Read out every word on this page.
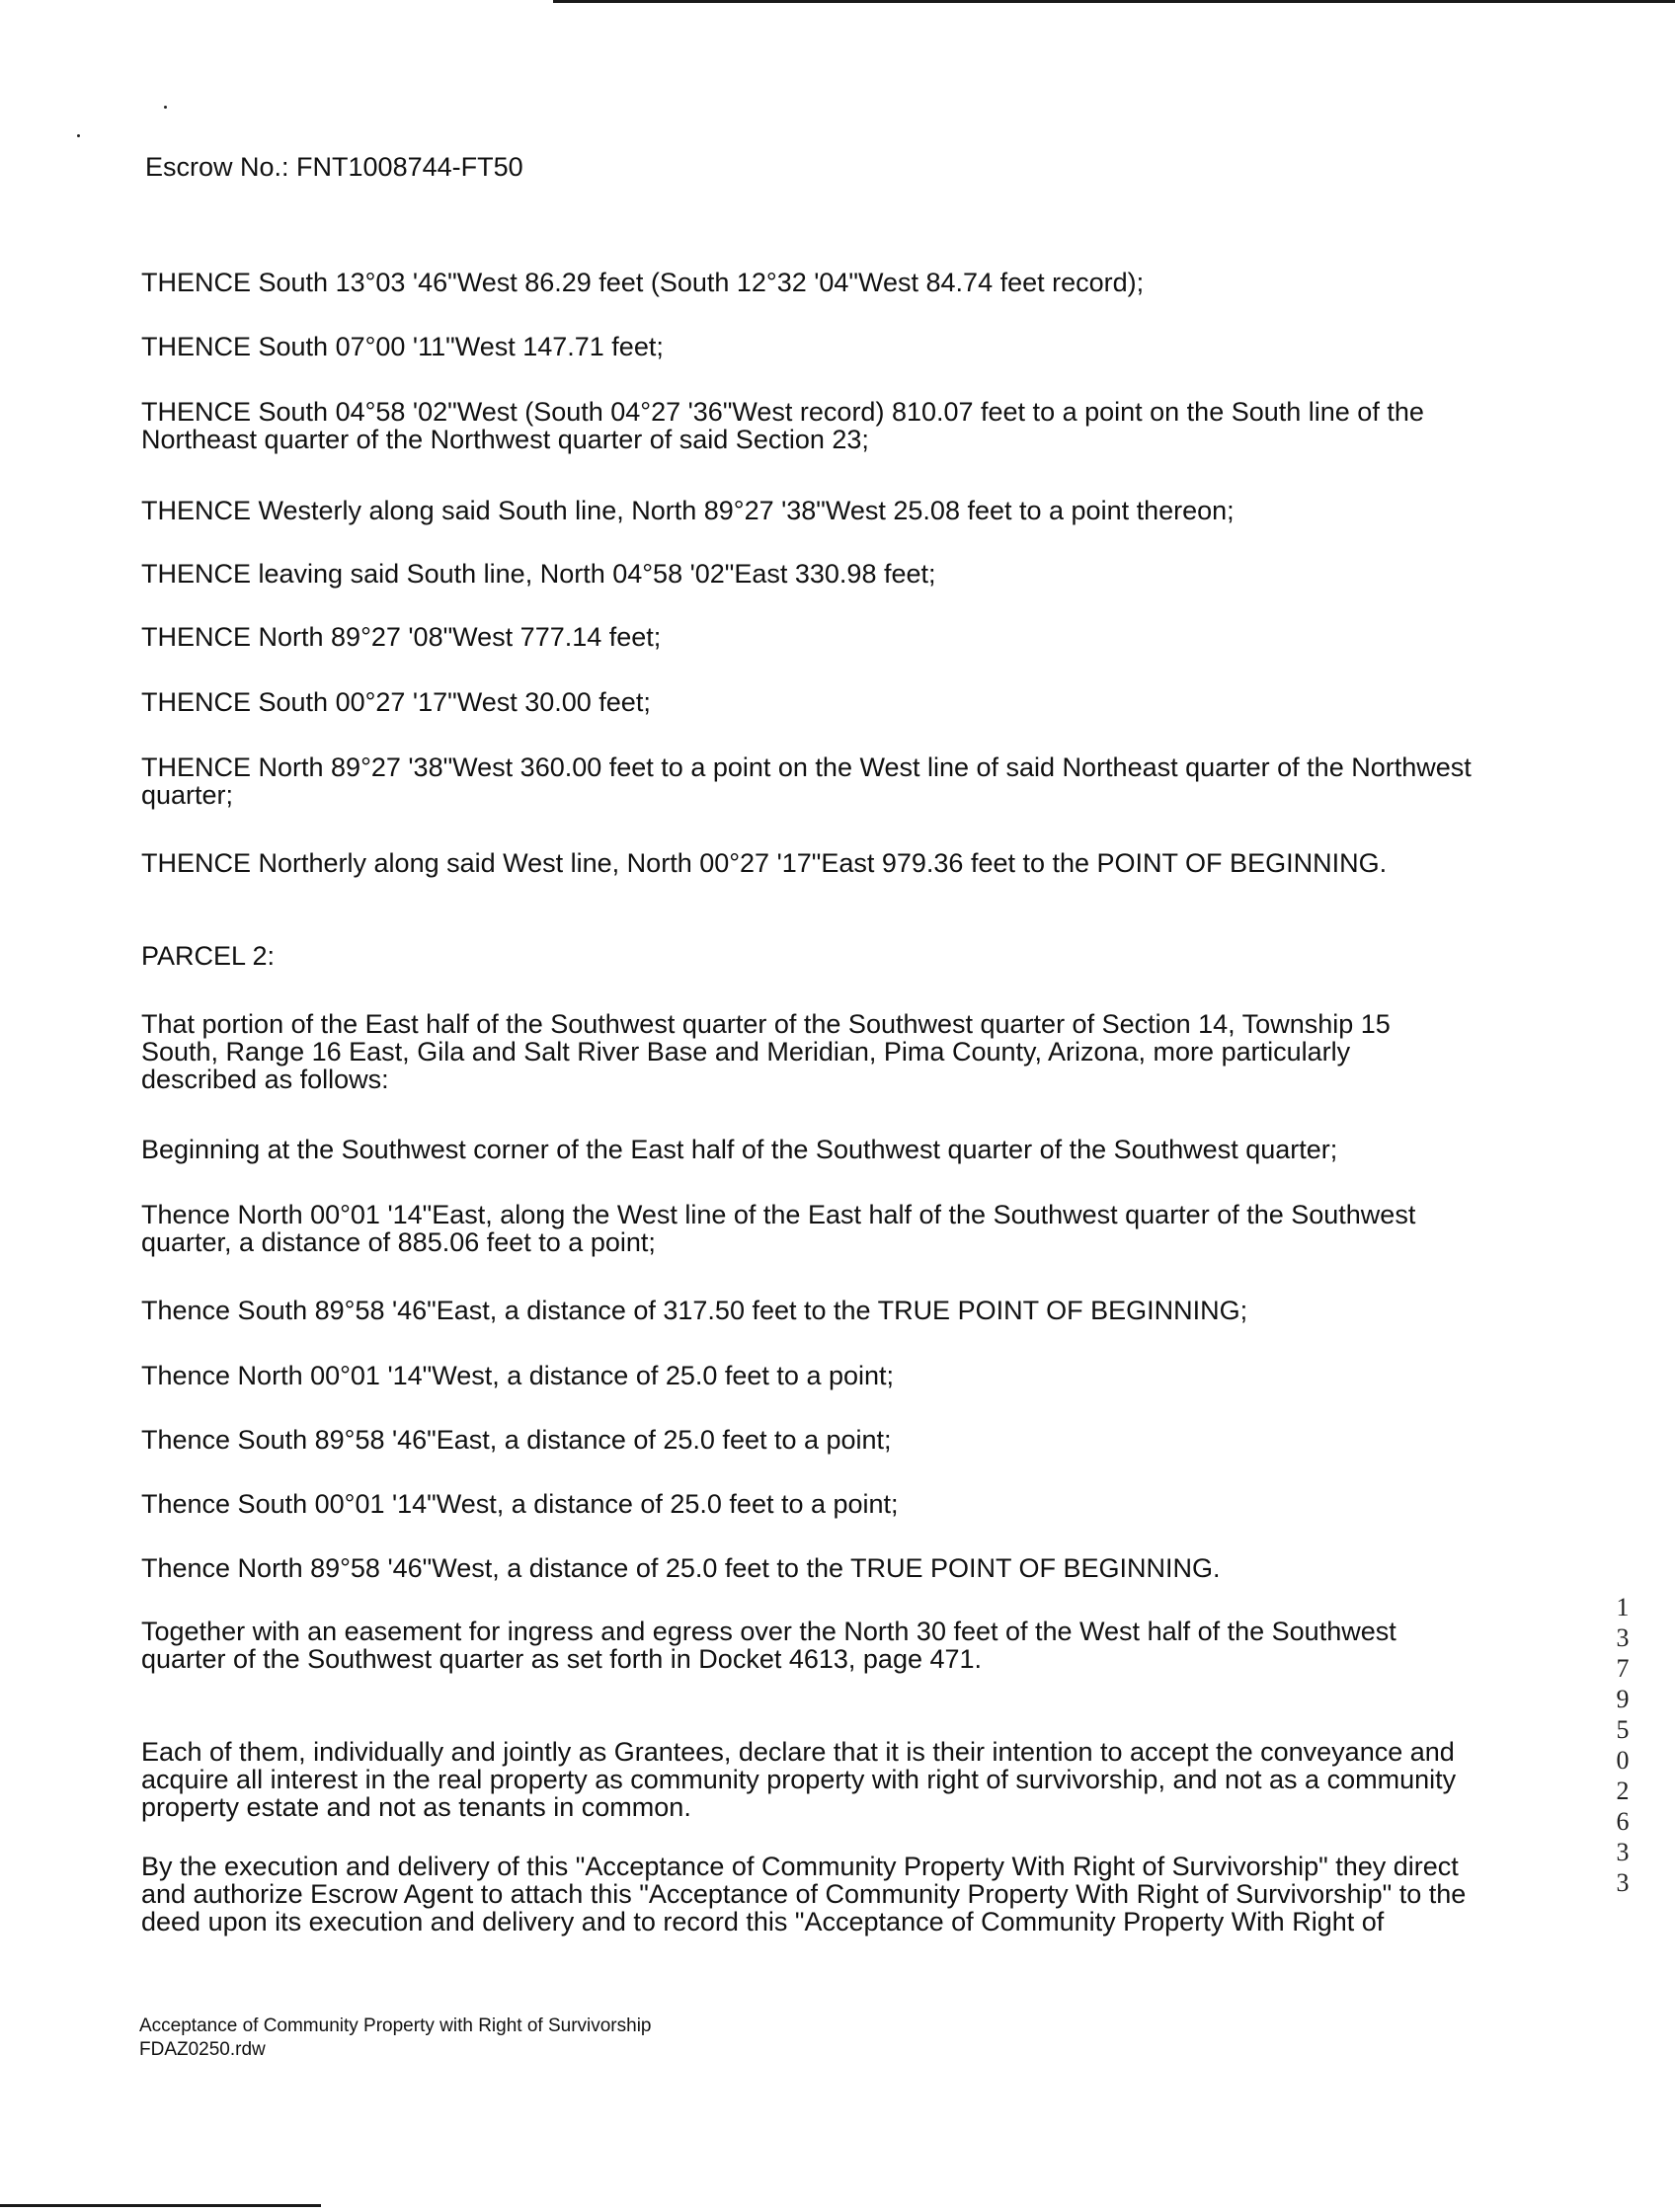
Escrow No.: FNT1008744-FT50
THENCE South 13°03 '46"West 86.29 feet (South 12°32 '04"West 84.74 feet record);
THENCE South 07°00 '11"West 147.71 feet;
THENCE South 04°58 '02"West (South 04°27 '36"West record) 810.07 feet to a point on the South line of the
Northeast quarter of the Northwest quarter of said Section 23;
THENCE Westerly along said South line, North 89°27 '38"West 25.08 feet to a point thereon;
THENCE leaving said South line, North 04°58 '02"East 330.98 feet;
THENCE North 89°27 '08"West 777.14 feet;
THENCE South 00°27 '17"West 30.00 feet;
THENCE North 89°27 '38"West 360.00 feet to a point on the West line of said Northeast quarter of the Northwest
quarter;
THENCE Northerly along said West line, North 00°27 '17"East 979.36 feet to the POINT OF BEGINNING.
PARCEL 2:
That portion of the East half of the Southwest quarter of the Southwest quarter of Section 14, Township 15
South, Range 16 East, Gila and Salt River Base and Meridian, Pima County, Arizona, more particularly
described as follows:
Beginning at the Southwest corner of the East half of the Southwest quarter of the Southwest quarter;
Thence North 00°01 '14"East, along the West line of the East half of the Southwest quarter of the Southwest
quarter, a distance of 885.06 feet to a point;
Thence South 89°58 '46"East, a distance of 317.50 feet to the TRUE POINT OF BEGINNING;
Thence North 00°01 '14"West, a distance of 25.0 feet to a point;
Thence South 89°58 '46"East, a distance of 25.0 feet to a point;
Thence South 00°01 '14"West, a distance of 25.0 feet to a point;
Thence North 89°58 '46"West, a distance of 25.0 feet to the TRUE POINT OF BEGINNING.
Together with an easement for ingress and egress over the North 30 feet of the West half of the Southwest
quarter of the Southwest quarter as set forth in Docket 4613, page 471.
Each of them, individually and jointly as Grantees, declare that it is their intention to accept the conveyance and
acquire all interest in the real property as community property with right of survivorship, and not as a community
property estate and not as tenants in common.
By the execution and delivery of this "Acceptance of Community Property With Right of Survivorship" they direct
and authorize Escrow Agent to attach this "Acceptance of Community Property With Right of Survivorship" to the
deed upon its execution and delivery and to record this "Acceptance of Community Property With Right of
13795 02633
Acceptance of Community Property with Right of Survivorship
FDAZ0250.rdw
